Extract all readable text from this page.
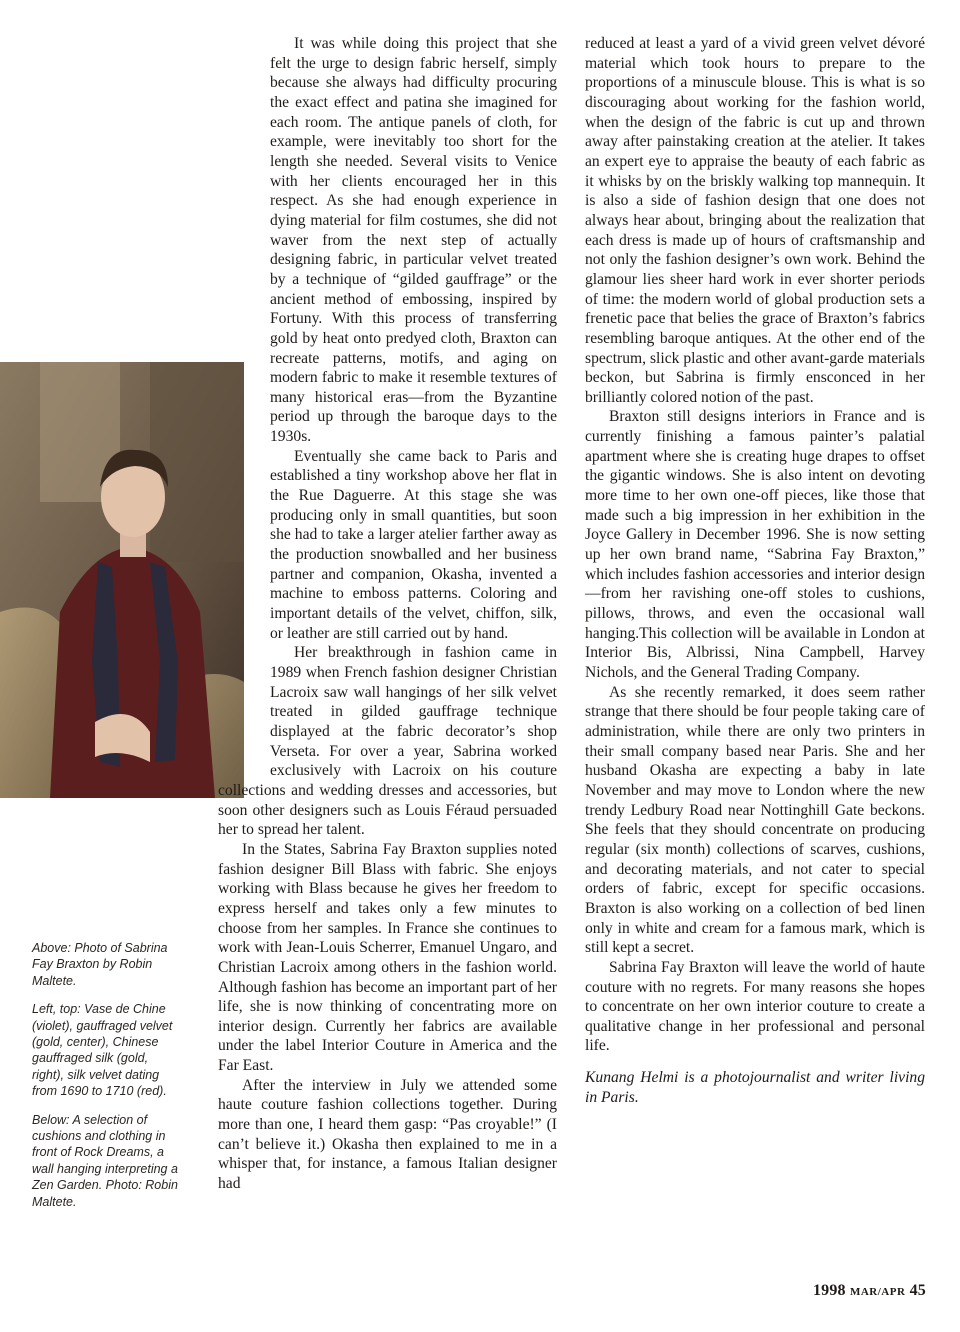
Above: Photo of Sabrina Fay Braxton by Robin Maltete.

Left, top: Vase de Chine (violet), gauffraged velvet (gold, center), Chinese gauffraged silk (gold, right), silk velvet dating from 1690 to 1710 (red).

Below: A selection of cushions and clothing in front of Rock Dreams, a wall hanging interpreting a Zen Garden. Photo: Robin Maltete.

It was while doing this project that she felt the urge to design fabric herself, simply because she always had difficulty procuring the exact effect and patina she imagined for each room. The antique panels of cloth, for example, were inevitably too short for the length she needed. Several visits to Venice with her clients encouraged her in this respect. As she had enough experience in dying material for film costumes, she did not waver from the next step of actually designing fabric, in particular velvet treated by a technique of “gilded gauffrage” or the ancient method of embossing, inspired by Fortuny. With this process of transferring gold by heat onto predyed cloth, Braxton can recreate patterns, motifs, and aging on modern fabric to make it resemble textures of many historical eras—from the Byzantine period up through the baroque days to the 1930s.

Eventually she came back to Paris and established a tiny workshop above her flat in the Rue Daguerre. At this stage she was producing only in small quantities, but soon she had to take a larger atelier farther away as the production snowballed and her business partner and companion, Okasha, invented a machine to emboss patterns. Coloring and important details of the velvet, chiffon, silk, or leather are still carried out by hand.

Her breakthrough in fashion came in 1989 when French fashion designer Christian Lacroix saw wall hangings of her silk velvet treated in gilded gauffrage technique displayed at the fabric decorator’s shop Verseta. For over a year, Sabrina worked exclusively with Lacroix on his couture collections and wedding dresses and accessories, but soon other designers such as Louis Féraud persuaded her to spread her talent.

In the States, Sabrina Fay Braxton supplies noted fashion designer Bill Blass with fabric. She enjoys working with Blass because he gives her freedom to express herself and takes only a few minutes to choose from her samples. In France she continues to work with Jean-Louis Scherrer, Emanuel Ungaro, and Christian Lacroix among others in the fashion world. Although fashion has become an important part of her life, she is now thinking of concentrating more on interior design. Currently her fabrics are available under the label Interior Couture in America and the Far East.

After the interview in July we attended some haute couture fashion collections together. During more than one, I heard them gasp: “Pas croyable!” (I can’t believe it.) Okasha then explained to me in a whisper that, for instance, a famous Italian designer had

reduced at least a yard of a vivid green velvet dévoré material which took hours to prepare to the proportions of a minuscule blouse. This is what is so discouraging about working for the fashion world, when the design of the fabric is cut up and thrown away after painstaking creation at the atelier. It takes an expert eye to appraise the beauty of each fabric as it whisks by on the briskly walking top mannequin. It is also a side of fashion design that one does not always hear about, bringing about the realization that each dress is made up of hours of craftsmanship and not only the fashion designer’s own work. Behind the glamour lies sheer hard work in ever shorter periods of time: the modern world of global production sets a frenetic pace that belies the grace of Braxton’s fabrics resembling baroque antiques. At the other end of the spectrum, slick plastic and other avant-garde materials beckon, but Sabrina is firmly ensconced in her brilliantly colored notion of the past.

Braxton still designs interiors in France and is currently finishing a famous painter’s palatial apartment where she is creating huge drapes to offset the gigantic windows. She is also intent on devoting more time to her own one-off pieces, like those that made such a big impression in her exhibition in the Joyce Gallery in December 1996. She is now setting up her own brand name, “Sabrina Fay Braxton,” which includes fashion accessories and interior design—from her ravishing one-off stoles to cushions, pillows, throws, and even the occasional wall hanging.This collection will be available in London at Interior Bis, Albrissi, Nina Campbell, Harvey Nichols, and the General Trading Company.

As she recently remarked, it does seem rather strange that there should be four people taking care of administration, while there are only two printers in their small company based near Paris. She and her husband Okasha are expecting a baby in late November and may move to London where the new trendy Ledbury Road near Nottinghill Gate beckons. She feels that they should concentrate on producing regular (six month) collections of scarves, cushions, and decorating materials, and not cater to special orders of fabric, except for specific occasions. Braxton is also working on a collection of bed linen only in white and cream for a famous mark, which is still kept a secret.

Sabrina Fay Braxton will leave the world of haute couture with no regrets. For many reasons she hopes to concentrate on her own interior couture to create a qualitative change in her professional and personal life.

Kunang Helmi is a photojournalist and writer living in Paris.

1998 MAR/APR 45
